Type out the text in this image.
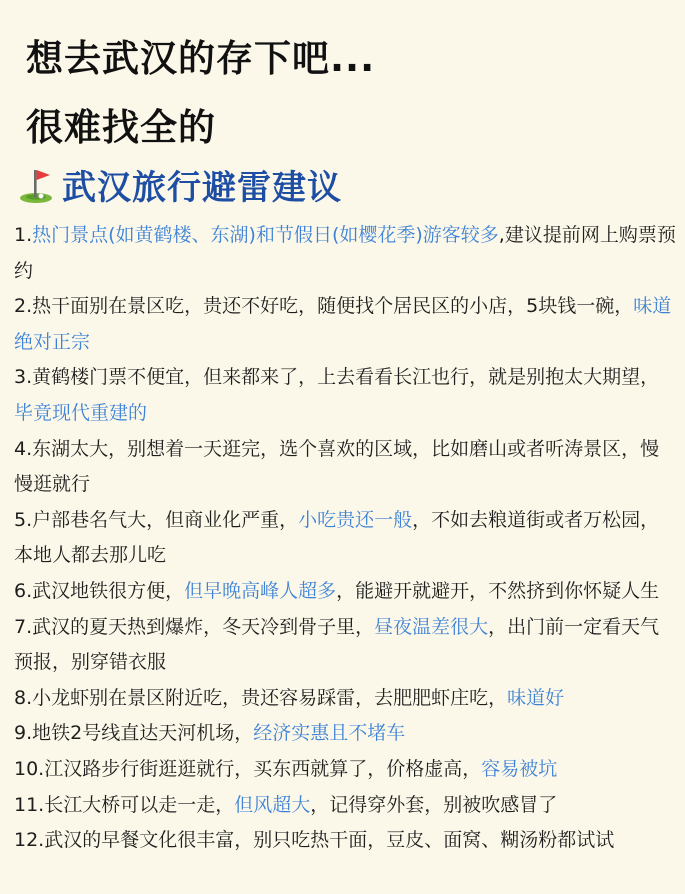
想去武汉的存下吧...
很难找全的
武汉旅行避雷建议

1.热门景点(如黄鹤楼、东湖)和节假日(如樱花季)游客较多,建议提前网上购票预约

2.热干面别在景区吃，贵还不好吃，随便找个居民区的小店，5块钱一碗，味道绝对正宗

3.黄鹤楼门票不便宜，但来都来了，上去看看长江也行，就是别抱太大期望，毕竟现代重建的

4.东湖太大，别想着一天逛完，选个喜欢的区域，比如磨山或者听涛景区，慢慢逛就行

5.户部巷名气大，但商业化严重，小吃贵还一般，不如去粮道街或者万松园，本地人都去那儿吃

6.武汉地铁很方便，但早晚高峰人超多，能避开就避开，不然挤到你怀疑人生

7.武汉的夏天热到爆炸，冬天冷到骨子里，昼夜温差很大，出门前一定看天气预报，别穿错衣服

8.小龙虾别在景区附近吃，贵还容易踩雷，去肥肥虾庄吃，味道好

9.地铁2号线直达天河机场，经济实惠且不堵车

10.江汉路步行街逛逛就行，买东西就算了，价格虚高，容易被坑

11.长江大桥可以走一走，但风超大，记得穿外套，别被吹感冒了

12.武汉的早餐文化很丰富，别只吃热干面，豆皮、面窝、糊汤粉都试试
